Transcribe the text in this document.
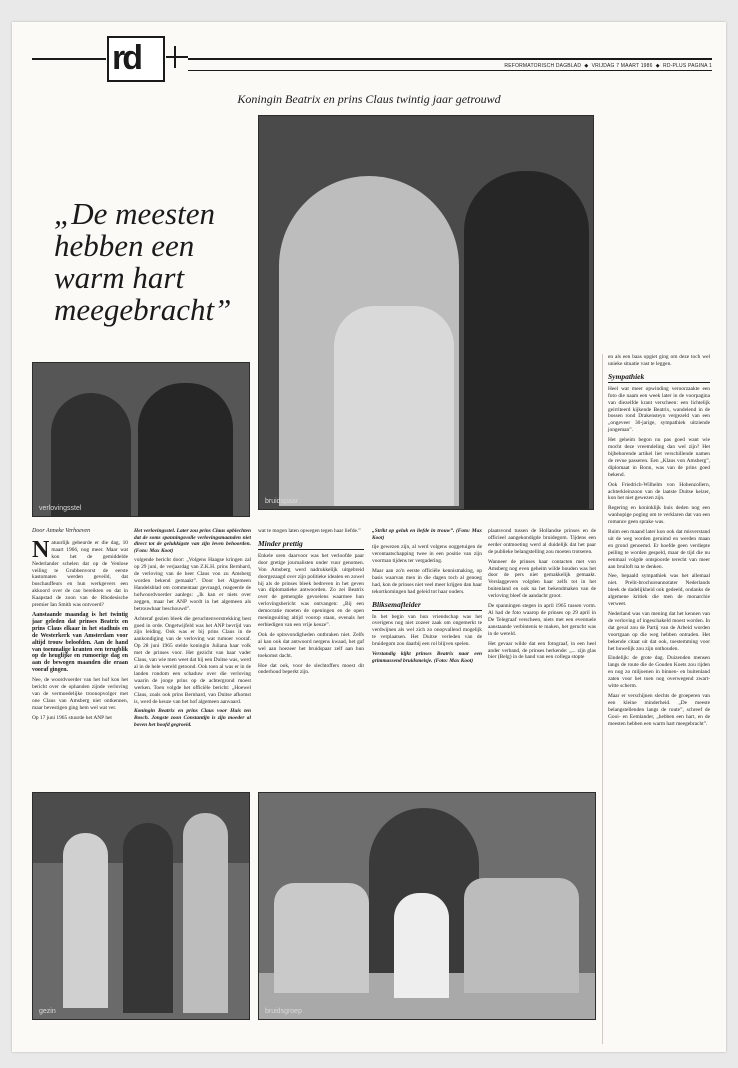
rd	REFORMATORISCH DAGBLAD  ◆  VRIJDAG 7 MAART 1986  ◆  RD-PLUS PAGINA 1
Koningin Beatrix en prins Claus twintig jaar getrouwd
bruidspaar
„De meesten hebben een warm hart meegebracht”
verlovingsstel

en als een baas opgiet ging om deze toch wel unieke situatie vast te leggen.

Sympathiek

Heel wat meer opwinding veroorzaakte een foto die naam een week later in de voorpagina van diezelfde krant verscheen: een lichtelijk geirriteerd kijkende Beatrix, wandelend in de bossen rond Drakensteyn vergezeld van een „ongeveer 30-jarige, sympathiek uitziende jongeman”.

Het geheim begon nu pas goed want wie mocht deze vreemdeling dan wel zijn? Het bijbehorende artikel liet verschillende namen de revue passeren. Een „Klaus von Amsberg”, diplomaat in Bonn, was van de prins goed bekend.

Ook Friedrich-Wilhelm von Hohenzollern, achterkleinzoon van de laatste Duitse keizer, kon het niet gewezen zijn.

Regering en koninklijk huis deden nog een wanhopige poging om te verklaren dat van een romance geen sprake was.

Ruim een maand later kon ook dat misverstand uit de weg worden geruimd en werden maan en grond genoemd. Er hoefde geen verdiepte peiling te worden gespeld, maar de tijd die nu eenmaal volgde ontspoorde terecht van meer aan bruiloft na te denken.

Nee, bepaald sympathiek was het allemaal niet. Prelit-brochureannotater Nederlands bleek de dadelijkheid ook gedeeld, ondanks de algemene kritiek die men de monarchie verweet.

Nederland was van mening dat het kennen van de verloving of ingeschakeld moest worden. In dat geval zou de Partij van de Arbeid worden voortgaan op die weg hebben ontraden. Het bekende citaat uit dat ook, toestemming voor het huwelijk zou zijn onthouden.

Eindelijk: de grote dag. Duizenden mensen langs de route die de Gouden Koets zou rijden en nog zo miljoenen in binnen- en buitenland zaten voor het toen nog overwegend zwart-witte scherm.

Maar er verschijnen slechts de groeperen van een kleine minderheid. „De meeste belangstellenden langs de route”, schreef de Gooi- en Eemlander, „hebben een hart, en de meesten hebben een warm hart meegebracht”.

Door Anneke Verhoeven

Natuurlijk gebeurde er die dag, 10 maart 1966, nog meer. Maar wat kon het de gemiddelde Nederlander schelen dat op de Venlose veiling te Grubbenvorst de eerste kastomaten werden geveild, dat buschauffeurs en hun werkgevers een akkoord over de cao bereikten en dat in Kaapstad de zoon van de Rhodesische premier Ian Smith was ontvoerd?

Aanstaande maandag is het twintig jaar geleden dat prinses Beatrix en prins Claus elkaar in het stadhuis en de Westerkerk van Amsterdam voor altijd trouw beloofden. Aan de hand van toenmalige kranten een terugblik op de heuglijke en rumoerige dag en aan de bewogen maanden die eraan vooraf gingen.

Nee, de woordvoerder van het hof kon het bericht over de ophanden zijnde verloving van de vermoedelijke troonopvolger met one Claus van Amsberg niet ontkennen, maar bevestigen ging hem wel wat ver.

Op 17 juni 1965 stuurde het ANP het

Het verlovingsstel. Later zou prins Claus opbiechten dat de soms spanningsvolle verlovingsmaanden niet direct tot de gelukkigste van zijn leven behoorden. (Foto: Max Koot)

volgende bericht door: „Volgens Haagse kringen zal op 29 juni, de verjaardag van Z.K.H. prins Bernhard, de verloving van de heer Claus von zu Amsberg worden bekend gemaakt”. Door het Algemeen Handelsblad om commentaar gevraagd, reageerde de hofwoordvoerder aanlegs: „Ik kan er niets over zeggen, maar het ANP wordt in het algemeen als betrouwbaar beschouwd”.

Achteraf gezien bleek die geruchtenverstrekking best goed in orde. Ongetwijfeld was het ANP bevrijd van zijn leiding. Ook was er bij prins Claus in de aankondiging van de verloving wat rumoer vooraf. Op 28 juni 1965 stelde koningin Juliana haar volk met de prinses voor. Het gezicht van haar vader Claus, van wie men weet dat hij een Duitse was, werd al in de hele wereld getoond. Ook toen al was er in de landen rondom een schaduw over die verloving waarin de jonge prins op de achtergrond moest werken. Toen volgde het officiële bericht: „Hoewel Claus, zoals ook prins Bernhard, van Duitse afkomst is, werd de keuze van het hof algemeen aanvaard.

Koningin Beatrix en prins Claus voor Huis ten Bosch. Jongste zoon Constantijn is zijn moeder al boven het hoofd gegroeid.

wat te mogen laten opwegen tegen haar liefde.”

Minder prettig

Enkele uren daarvoor was het verloofde paar door gretige journalisten onder vuur genomen. Von Amsberg werd nadrukkelijk uitgebreid doorgezaagd over zijn politieke idealen en zowel hij als de prinses bleek bedreven in het geven van diplomatieke antwoorden. Zo zei Beatrix over de gemengde gevoelens waarmee hun verlovingsbericht was ontvangen: „Bij een democratie moeten de openingen en de open meningsuiting altijd voorop staan, evenals het eerbiedigen van een vrije keuze”.

Ook de spitsvondigheden ontbraken niet. Zelfs al kan ook dat antwoord nergens kwaad, het gaf wel aan hoezeer het bruidspaar zelf aan hun toekomst dacht.

Hoe dat ook, voor de slechtoffers moest dit onderhoud beperkt zijn.

„Strikt op geluk en liefde in trouw”. (Foto: Max Koot)

tije gewezen zijn, al werd volgens ooggetuigen de verontaatschapping twee in een positie van zijn voorman tijdens ter vergadering.

Maar aan zo'n eerste officiële kennismaking, op basis waarvan men in die dagen toch al genoeg had, kon de prinses niet veel meer krijgen dan haar tekortkomingen had geleid tot haar ouders.

Bliksemafleider

In het begin van hun vriendschap was het overigens nog niet zozeer zaak om ongemerkt te verdwijnen als wel zich zo onopvallend mogelijk te verplaatsen. Het Duitse verleden van de bruidegom zou daarbij een rol blijven spelen.

Verstandig kijkt prinses Beatrix naar een grimmassend bruidsmeisje. (Foto: Max Koot)

plaatsvond tussen de Hollandse prinses en de officieel aangekondigde bruidegom. Tijdens een eerder ontmoeting werd al duidelijk dat het paar de publieke belangstelling zou moeten trotseren.

Wanneer de prinses haar contacten met von Amsberg nog even geheim wilde houden was het door de pers niet gemakkelijk gemaakt. Verslaggevers volgden haar zelfs tot in het buitenland en ook na het bekendmaken van de verloving bleef de aandacht groot.

De spanningen stegen in april 1965 tussen vorm. Al had de foto waarop de prinses op 29 april in De Telegraaf verscheen, niets met een eventuele aanstaande verbintenis te maken, het gerucht was in de wereld.

Het gevaar wilde dat een fotograaf, in een heel ander verband, de prinses herkende: „... zijn glas bier (Belg) in de hand van een collega stopte

gezin	bruidsgroep
